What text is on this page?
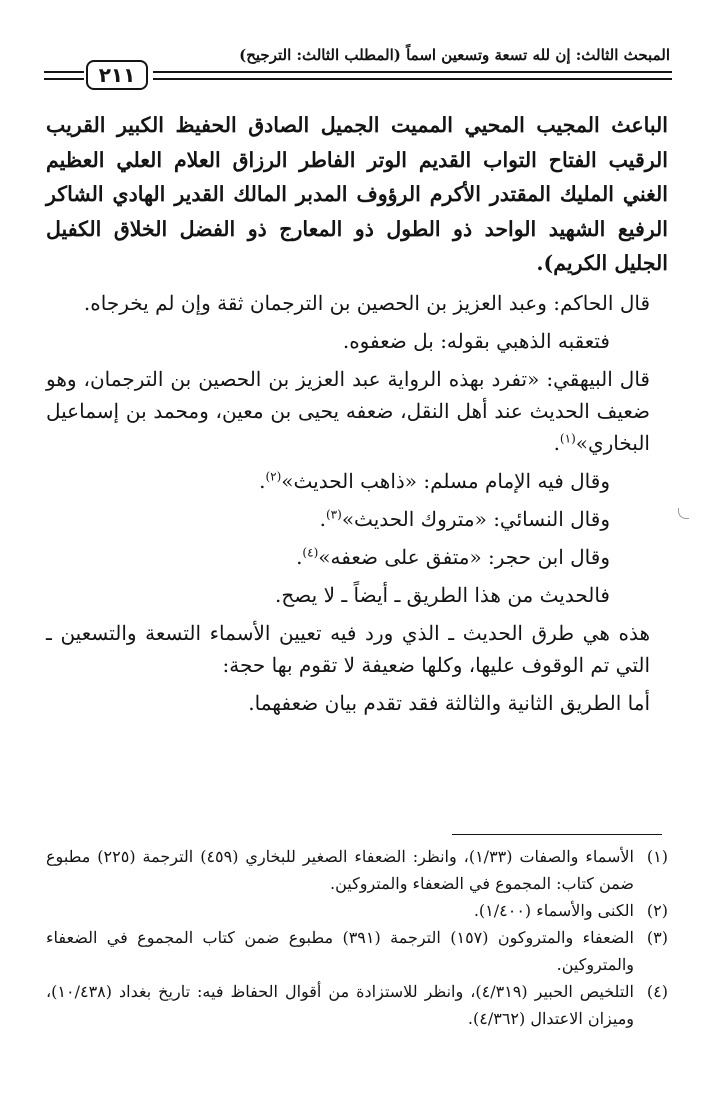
المبحث الثالث: إن لله تسعة وتسعين اسماً (المطلب الثالث: الترجيح)
٢١١

الباعث المجيب المحيي المميت الجميل الصادق الحفيظ الكبير القريب الرقيب الفتاح التواب القديم الوتر الفاطر الرزاق العلام العلي العظيم الغني المليك المقتدر الأكرم الرؤوف المدبر المالك القدير الهادي الشاكر الرفيع الشهيد الواحد ذو الطول ذو المعارج ذو الفضل الخلاق الكفيل الجليل الكريم).

قال الحاكم: وعبد العزيز بن الحصين بن الترجمان ثقة وإن لم يخرجاه.

فتعقبه الذهبي بقوله: بل ضعفوه.

قال البيهقي: «تفرد بهذه الرواية عبد العزيز بن الحصين بن الترجمان، وهو ضعيف الحديث عند أهل النقل، ضعفه يحيى بن معين، ومحمد بن إسماعيل البخاري»$^{(١)}$.

وقال فيه الإمام مسلم: «ذاهب الحديث»$^{(٢)}$.

وقال النسائي: «متروك الحديث»$^{(٣)}$.

وقال ابن حجر: «متفق على ضعفه»$^{(٤)}$.

فالحديث من هذا الطريق ـ أيضاً ـ لا يصح.

هذه هي طرق الحديث ـ الذي ورد فيه تعيين الأسماء التسعة والتسعين ـ التي تم الوقوف عليها، وكلها ضعيفة لا تقوم بها حجة:

أما الطريق الثانية والثالثة فقد تقدم بيان ضعفهما.

(١)
الأسماء والصفات (١/٣٣)، وانظر: الضعفاء الصغير للبخاري (٤٥٩) الترجمة (٢٢٥) مطبوع ضمن كتاب: المجموع في الضعفاء والمتروكين.

(٢)
الكنى والأسماء (١/٤٠٠).

(٣)
الضعفاء والمتروكون (١٥٧) الترجمة (٣٩١) مطبوع ضمن كتاب المجموع في الضعفاء والمتروكين.

(٤)
التلخيص الحبير (٤/٣١٩)، وانظر للاستزادة من أقوال الحفاظ فيه: تاريخ بغداد (١٠/٤٣٨)، وميزان الاعتدال (٤/٣٦٢).
